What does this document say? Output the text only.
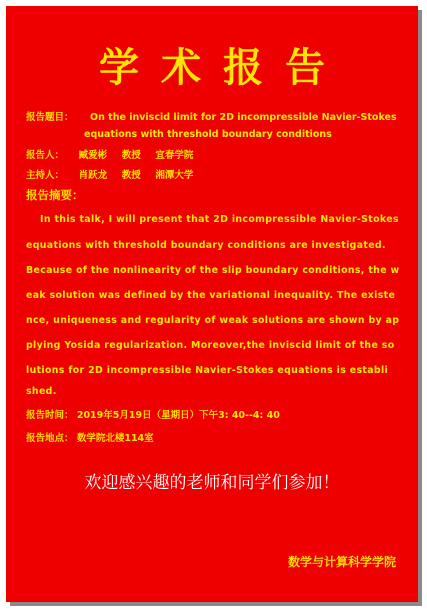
学术报告
报告题目： On the inviscid limit for 2D incompressible Navier-Stokes
equations with threshold boundary conditions
报告人： 臧爱彬 教授 宜春学院
主持人： 肖跃龙 教授 湘潭大学
报告摘要：
In this talk, I will present that 2D incompressible Navier-Stokes
equations with threshold boundary conditions are investigated.
Because of the nonlinearity of the slip boundary conditions, the w
eak solution was defined by the variational inequality. The existe
nce, uniqueness and regularity of weak solutions are shown by ap
plying Yosida regularization. Moreover,the inviscid limit of the so
lutions for 2D incompressible Navier-Stokes equations is establi
shed.
报告时间： 2019年5月19日（星期日）下午3: 40--4: 40
报告地点： 数学院北楼114室
欢迎感兴趣的老师和同学们参加！
数学与计算科学学院
